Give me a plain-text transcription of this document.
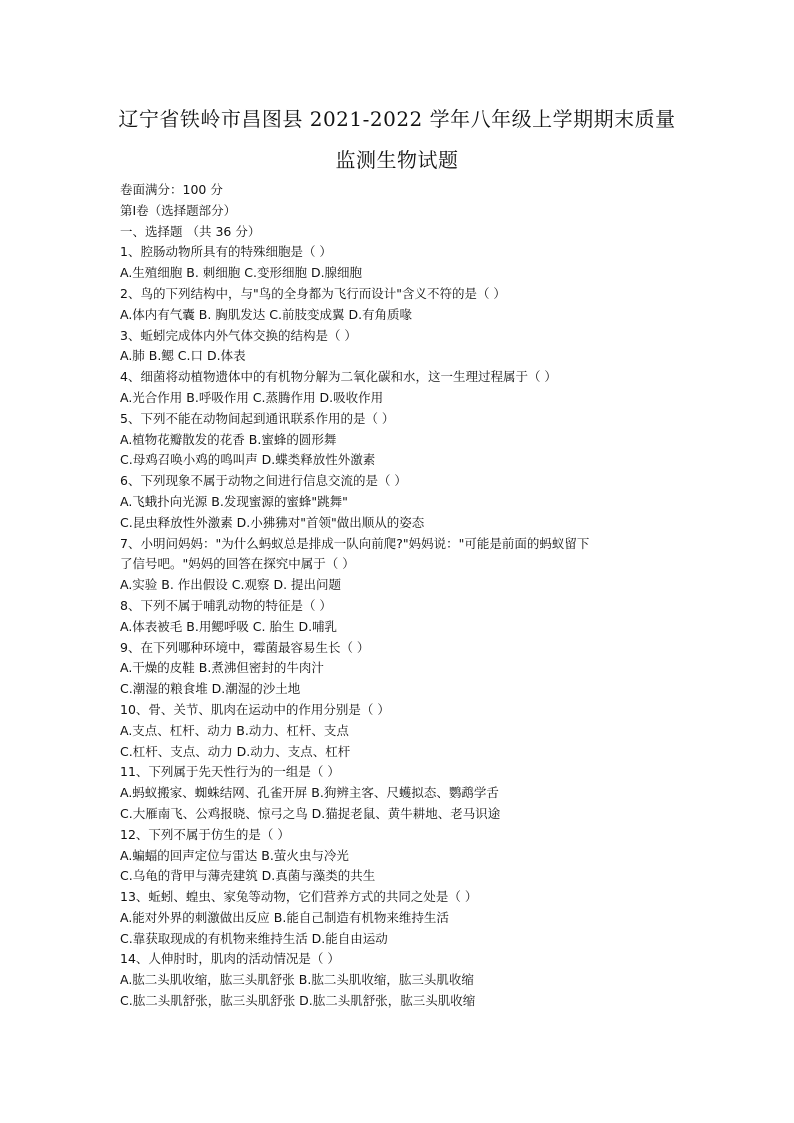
辽宁省铁岭市昌图县 2021-2022 学年八年级上学期期末质量
监测生物试题
卷面满分：100 分
第Ⅰ卷（选择题部分）
一、选择题 （共 36 分）
1、腔肠动物所具有的特殊细胞是（ ）
A.生殖细胞 B. 刺细胞 C.变形细胞 D.腺细胞
2、鸟的下列结构中，与"鸟的全身都为飞行而设计"含义不符的是（ ）
A.体内有气囊 B. 胸肌发达 C.前肢变成翼 D.有角质喙
3、蚯蚓完成体内外气体交换的结构是（ ）
A.肺 B.鳃 C.口 D.体表
4、细菌将动植物遗体中的有机物分解为二氧化碳和水，这一生理过程属于（ ）
A.光合作用 B.呼吸作用 C.蒸腾作用 D.吸收作用
5、下列不能在动物间起到通讯联系作用的是（ ）
A.植物花瓣散发的花香 B.蜜蜂的圆形舞
C.母鸡召唤小鸡的鸣叫声 D.蝶类释放性外激素
6、下列现象不属于动物之间进行信息交流的是（ ）
A.飞蛾扑向光源 B.发现蜜源的蜜蜂"跳舞"
C.昆虫释放性外激素 D.小狒狒对"首领"做出顺从的姿态
7、小明问妈妈："为什么蚂蚁总是排成一队向前爬?"妈妈说："可能是前面的蚂蚁留下
了信号吧。"妈妈的回答在探究中属于（ ）
A.实验 B. 作出假设 C.观察 D. 提出问题
8、下列不属于哺乳动物的特征是（ ）
A.体表被毛 B.用鳃呼吸 C. 胎生 D.哺乳
9、在下列哪种环境中，霉菌最容易生长（ ）
A.干燥的皮鞋 B.煮沸但密封的牛肉汁
C.潮湿的粮食堆 D.潮湿的沙土地
10、骨、关节、肌肉在运动中的作用分别是（ ）
A.支点、杠杆、动力 B.动力、杠杆、支点
C.杠杆、支点、动力 D.动力、支点、杠杆
11、下列属于先天性行为的一组是（ ）
A.蚂蚁搬家、蜘蛛结网、孔雀开屏 B.狗辨主客、尺蠖拟态、鹦鹉学舌
C.大雁南飞、公鸡报晓、惊弓之鸟 D.猫捉老鼠、黄牛耕地、老马识途
12、下列不属于仿生的是（ ）
A.蝙蝠的回声定位与雷达 B.萤火虫与冷光
C.乌龟的背甲与薄壳建筑 D.真菌与藻类的共生
13、蚯蚓、蝗虫、家兔等动物，它们营养方式的共同之处是（ ）
A.能对外界的刺激做出反应 B.能自己制造有机物来维持生活
C.靠获取现成的有机物来维持生活 D.能自由运动
14、人伸肘时，肌肉的活动情况是（ ）
A.肱二头肌收缩，肱三头肌舒张 B.肱二头肌收缩，肱三头肌收缩
C.肱二头肌舒张，肱三头肌舒张 D.肱二头肌舒张，肱三头肌收缩
